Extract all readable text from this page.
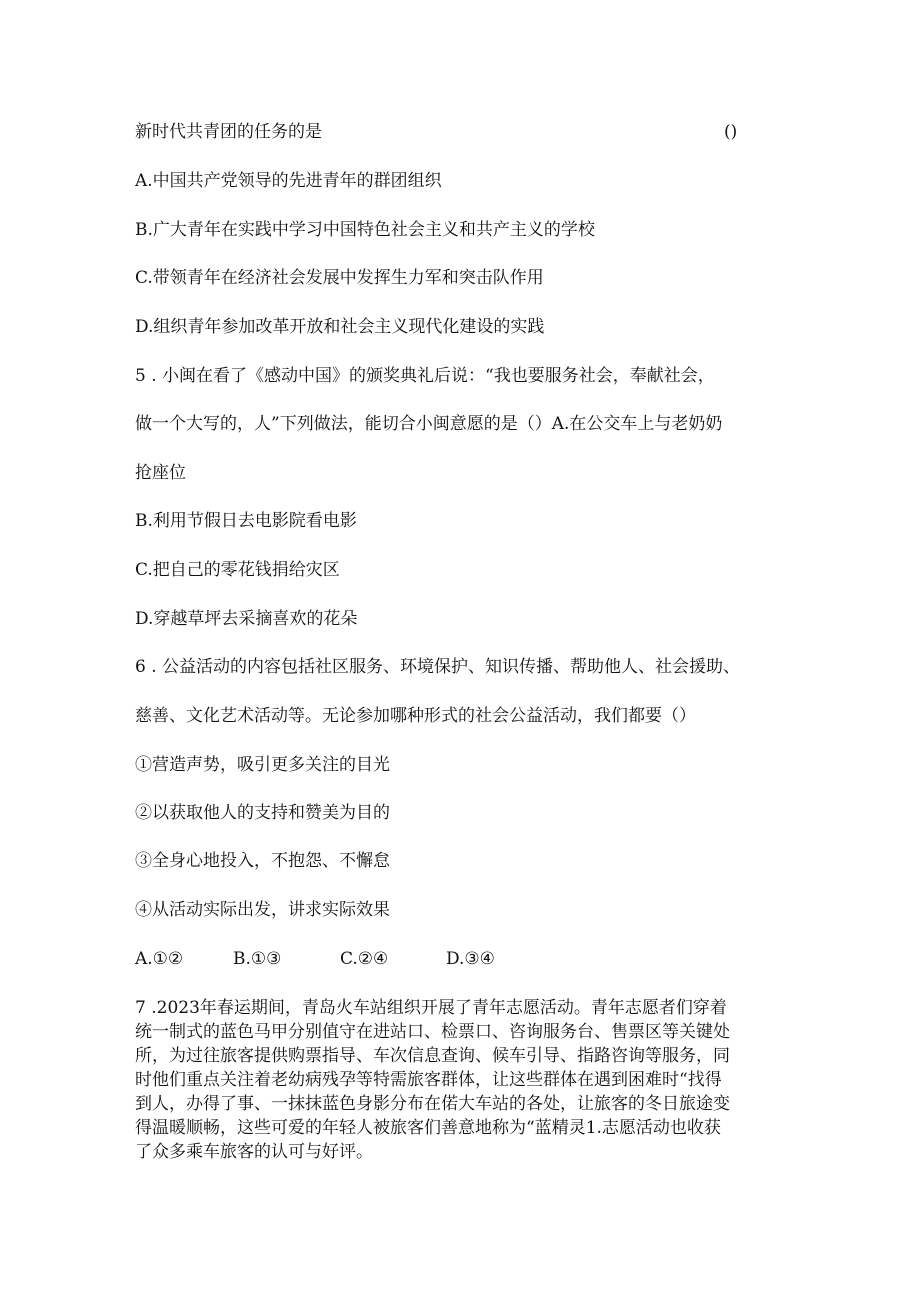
新时代共青团的任务的是	()
A.中国共产党领导的先进青年的群团组织
B.广大青年在实践中学习中国特色社会主义和共产主义的学校
C.带领青年在经济社会发展中发挥生力军和突击队作用
D.组织青年参加改革开放和社会主义现代化建设的实践
5 . 小闽在看了《感动中国》的颁奖典礼后说：“我也要服务社会，奉献社会，
做一个大写的，人”下列做法，能切合小闽意愿的是（）A.在公交车上与老奶奶
抢座位
B.利用节假日去电影院看电影
C.把自己的零花钱捐给灾区
D.穿越草坪去采摘喜欢的花朵
6 . 公益活动的内容包括社区服务、环境保护、知识传播、帮助他人、社会援助、
慈善、文化艺术活动等。无论参加哪种形式的社会公益活动，我们都要（）
①营造声势，吸引更多关注的目光
②以获取他人的支持和赞美为目的
③全身心地投入，不抱怨、不懈怠
④从活动实际出发，讲求实际效果
A.①②	B.①③	C.②④	D.③④

7 .2023年春运期间，青岛火车站组织开展了青年志愿活动。青年志愿者们穿着

统一制式的蓝色马甲分别值守在进站口、检票口、咨询服务台、售票区等关键处

所，为过往旅客提供购票指导、车次信息查询、候车引导、指路咨询等服务，同

时他们重点关注着老幼病残孕等特需旅客群体，让这些群体在遇到困难时“找得

到人，办得了事、一抹抹蓝色身影分布在偌大车站的各处，让旅客的冬日旅途变

得温暖顺畅，这些可爱的年轻人被旅客们善意地称为“蓝精灵1.志愿活动也收获

了众多乘车旅客的认可与好评。
